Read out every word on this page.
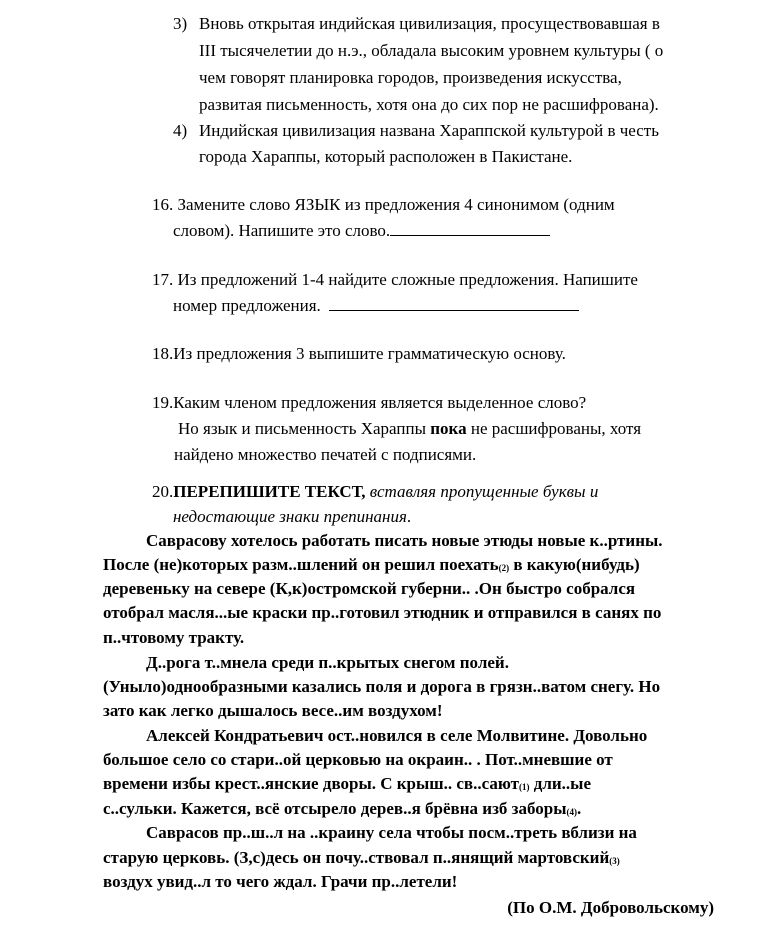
3) Вновь открытая индийская цивилизация, просуществовавшая в
III тысячелетии до н.э., обладала высоким уровнем культуры ( о
чем говорят планировка городов, произведения искусства,
развитая письменность, хотя она до сих пор не расшифрована).
4) Индийская цивилизация названа Хараппской культурой в честь
города Хараппы, который расположен в Пакистане.
16. Замените слово ЯЗЫК из предложения 4 синонимом (одним
словом). Напишите это слово.
17. Из предложений 1-4 найдите сложные предложения. Напишите
номер предложения.
18.Из предложения 3 выпишите грамматическую основу.
19.Каким членом предложения является выделенное слово?
Но язык и письменность Хараппы пока не расшифрованы, хотя
найдено множество печатей с подписями.
20.ПЕРЕПИШИТЕ ТЕКСТ, вставляя пропущенные буквы и
недостающие знаки препинания.
Саврасову хотелось работать писать новые этюды новые к..ртины.
После (не)которых разм..шлений он решил поехать$_{(2)}$ в какую(нибудь)
деревеньку на севере (К,к)остромской губерни.. .Он быстро собрался
отобрал масля...ые краски пр..готовил этюдник и отправился в санях по
п..чтовому тракту.
Д..рога т..мнела среди п..крытых снегом полей.
(Уныло)однообразными казались поля и дорога в грязн..ватом снегу. Но
зато как легко дышалось весе..им воздухом!
Алексей Кондратьевич ост..новился в селе Молвитине. Довольно
большое село со стари..ой церковью на окраин.. . Пот..мневшие от
времени избы крест..янские дворы. С крыш.. св..сают$_{(1)}$ дли..ые
с..сульки. Кажется, всё отсырело дерев..я брёвна изб заборы$_{(4)}$.
Саврасов пр..ш..л на ..краину села чтобы посм..треть вблизи на
старую церковь. (З,с)десь он почу..ствовал п..янящий мартовский$_{(3)}$
воздух увид..л то чего ждал. Грачи пр..летели!
(По О.М. Добровольскому)
